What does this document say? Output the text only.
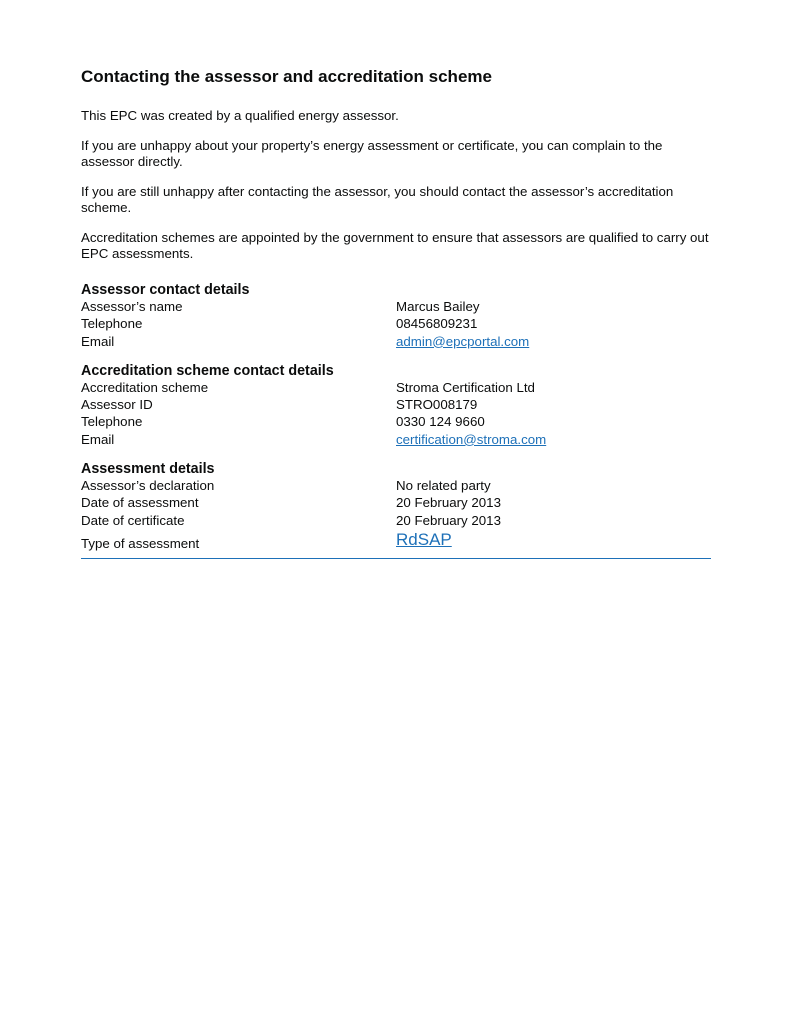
Contacting the assessor and accreditation scheme

This EPC was created by a qualified energy assessor.

If you are unhappy about your property’s energy assessment or certificate, you can complain to the assessor directly.

If you are still unhappy after contacting the assessor, you should contact the assessor’s accreditation scheme.

Accreditation schemes are appointed by the government to ensure that assessors are qualified to carry out EPC assessments.

Assessor contact details
Assessor’s name	Marcus Bailey
Telephone	08456809231
Email	admin@epcportal.com
Accreditation scheme contact details
Accreditation scheme	Stroma Certification Ltd
Assessor ID	STRO008179
Telephone	0330 124 9660
Email	certification@stroma.com
Assessment details
Assessor’s declaration	No related party
Date of assessment	20 February 2013
Date of certificate	20 February 2013
Type of assessment	RdSAP
